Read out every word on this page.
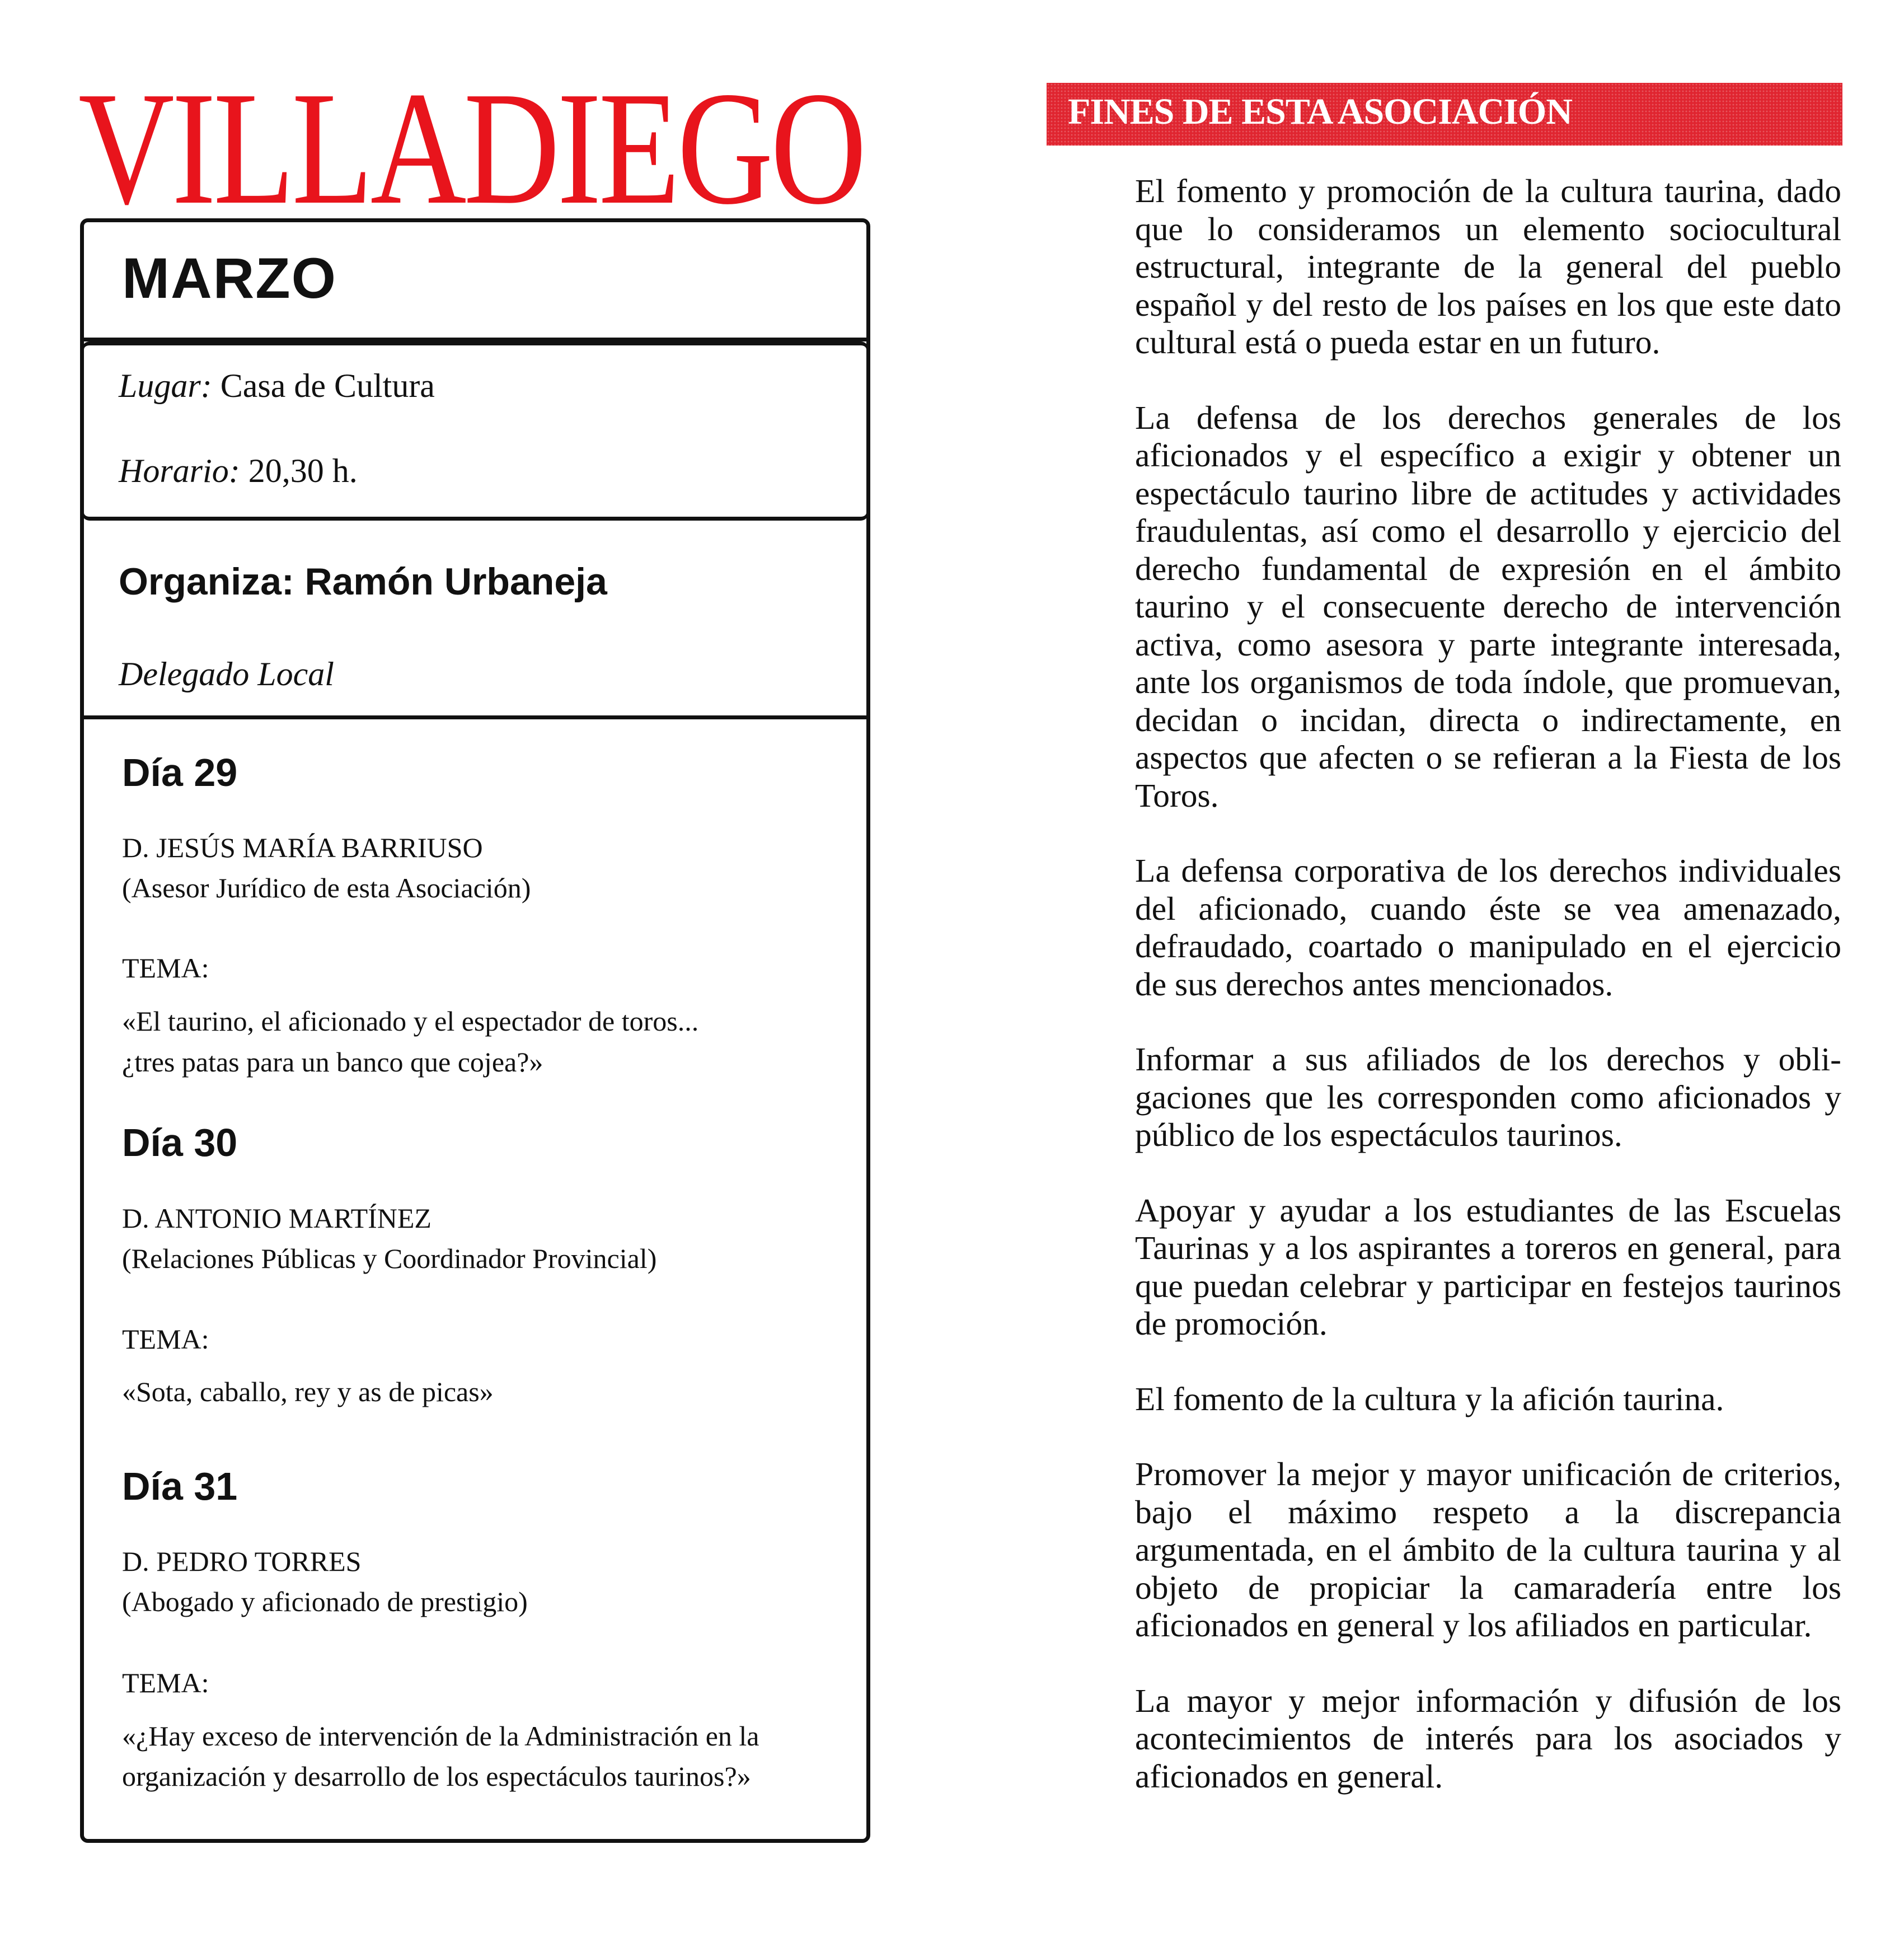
VILLADIEGO
MARZO
Lugar: Casa de Cultura
Horario: 20,30 h.
Organiza: Ramón Urbaneja
Delegado Local
Día 29
D. JESÚS MARÍA BARRIUSO
(Asesor Jurídico de esta Asociación)
TEMA:
«El taurino, el aficionado y el espectador de toros...
¿tres patas para un banco que cojea?»
Día 30
D. ANTONIO MARTÍNEZ
(Relaciones Públicas y Coordinador Provincial)
TEMA:
«Sota, caballo, rey y as de picas»
Día 31
D. PEDRO TORRES
(Abogado y aficionado de prestigio)
TEMA:
«¿Hay exceso de intervención de la Administración en la
organización y desarrollo de los espectáculos taurinos?»
FINES DE ESTA ASOCIACIÓN

El fomento y promoción de la cultura taurina, dado que lo consideramos un elemento sociocultural estructural, integrante de la general del pueblo español y del resto de los países en los que este dato cultural está o pueda estar en un futuro.

La defensa de los derechos generales de los aficionados y el específico a exigir y obtener un espectáculo taurino libre de actitudes y actividades fraudulentas, así como el desarrollo y ejercicio del derecho fundamental de expresión en el ámbito taurino y el consecuente derecho de intervención activa, como asesora y parte integrante interesada, ante los organismos de toda índole, que promuevan, decidan o incidan, directa o indirectamente, en aspectos que afecten o se refieran a la Fiesta de los Toros.

La defensa corporativa de los derechos individuales del aficionado, cuando éste se vea amenazado, defraudado, coartado o manipulado en el ejercicio de sus derechos antes mencionados.

Informar a sus afiliados de los derechos y obligaciones que les corresponden como aficionados y público de los espectáculos taurinos.

Apoyar y ayudar a los estudiantes de las Escuelas Taurinas y a los aspirantes a toreros en general, para que puedan celebrar y participar en festejos taurinos de promoción.

El fomento de la cultura y la afición taurina.

Promover la mejor y mayor unificación de criterios, bajo el máximo respeto a la discrepancia argumentada, en el ámbito de la cultura taurina y al objeto de propiciar la camaradería entre los aficionados en general y los afiliados en particular.

La mayor y mejor información y difusión de los acontecimientos de interés para los asociados y aficionados en general.
